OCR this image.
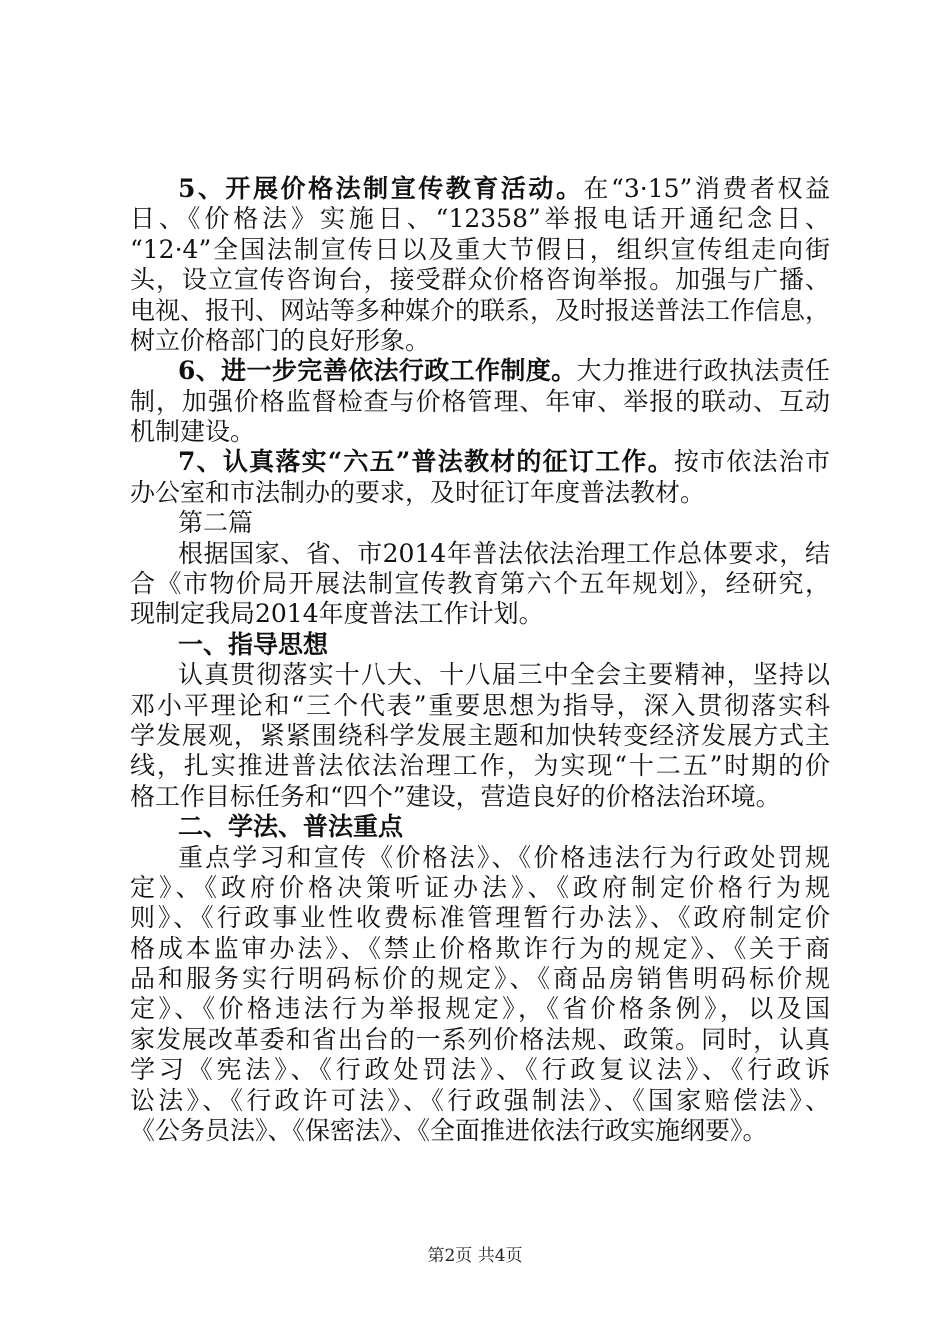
5、开展价格法制宣传教育活动。在“3·15”消费者权益
日、《价格法》实施日、“12358”举报电话开通纪念日、
“12·4”全国法制宣传日以及重大节假日，组织宣传组走向街
头，设立宣传咨询台，接受群众价格咨询举报。加强与广播、
电视、报刊、网站等多种媒介的联系，及时报送普法工作信息，
树立价格部门的良好形象。
6、进一步完善依法行政工作制度。大力推进行政执法责任
制，加强价格监督检查与价格管理、年审、举报的联动、互动
机制建设。
7、认真落实“六五”普法教材的征订工作。按市依法治市
办公室和市法制办的要求，及时征订年度普法教材。
第二篇
根据国家、省、市2014年普法依法治理工作总体要求，结
合《市物价局开展法制宣传教育第六个五年规划》，经研究，
现制定我局2014年度普法工作计划。
一、指导思想
认真贯彻落实十八大、十八届三中全会主要精神，坚持以
邓小平理论和“三个代表”重要思想为指导，深入贯彻落实科
学发展观，紧紧围绕科学发展主题和加快转变经济发展方式主
线，扎实推进普法依法治理工作，为实现“十二五”时期的价
格工作目标任务和“四个”建设，营造良好的价格法治环境。
二、学法、普法重点
重点学习和宣传《价格法》、《价格违法行为行政处罚规
定》、《政府价格决策听证办法》、《政府制定价格行为规
则》、《行政事业性收费标准管理暂行办法》、《政府制定价
格成本监审办法》、《禁止价格欺诈行为的规定》、《关于商
品和服务实行明码标价的规定》、《商品房销售明码标价规
定》、《价格违法行为举报规定》，《省价格条例》，以及国
家发展改革委和省出台的一系列价格法规、政策。同时，认真
学习《宪法》、《行政处罚法》、《行政复议法》、《行政诉
讼法》、《行政许可法》、《行政强制法》、《国家赔偿法》、
《公务员法》、《保密法》、《全面推进依法行政实施纲要》。
第2页 共4页
